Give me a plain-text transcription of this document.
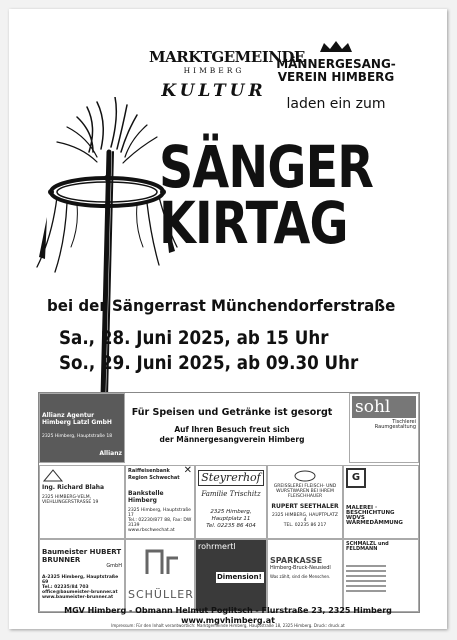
MARKTGEMEINDE
HIMBERG
KULTUR
MÄNNERGESANG-
VEREIN HIMBERG
laden ein zum
SÄNGER
KIRTAG
bei der Sängerrast Münchendorferstraße
Sa., 28. Juni 2025, ab 15 Uhr
So., 29. Juni 2025, ab 09.30 Uhr
Allianz Agentur Himberg Latzl GmbH
2325 Himberg, Hauptstraße 18
Allianz
Für Speisen und Getränke ist gesorgt
Auf Ihren Besuch freut sich
der Männergesangverein Himberg
sohl
Tischlerei Raumgestaltung
Ing. Richard Blaha
2325 HIMBERG-VELM, VIEHLUNGERSTRASSE 19
Raiffeisenbank Region Schwechat
✕
Bankstelle Himberg
2325 Himberg, Hauptstraße 17
Tel.: 02230/877 88, Fax: DW 3139
www.rbschwechat.at
Steyrerhof
Familie Trischitz
2325 Himberg, Hauptplatz 11
Tel. 02235 86 404
GREISSLEREI FLEISCH- UND WURSTWAREN BEI IHREM FLEISCHHAUER
RUPERT SEETHALER
2325 HIMBERG, HAUPTPLATZ 4
TEL. 02235 86 217
G
MALEREI · BESCHICHTUNG
WDVS WÄRMEDÄMMUNG
Baumeister HUBERT BRUNNER
GmbH
A-2325 Himberg, Hauptstraße 69
Tel.: 02235/84 703
office@baumeister-brunner.at
www.baumeister-brunner.at	SCHÜLLER
rohrmertl
Dimension!
SPARKASSE
Himberg-Bruck-Neusiedl
Was zählt, sind die Menschen.
SCHMALZL und FELDMANN
MGV Himberg - Obmann Helmut Poglitsch - Flurstraße 23, 2325 Himberg
www.mgvhimberg.at
Impressum: Für den Inhalt verantwortlich: Marktgemeinde Himberg, Hauptstraße 18, 2325 Himberg. Druck: druck.at
